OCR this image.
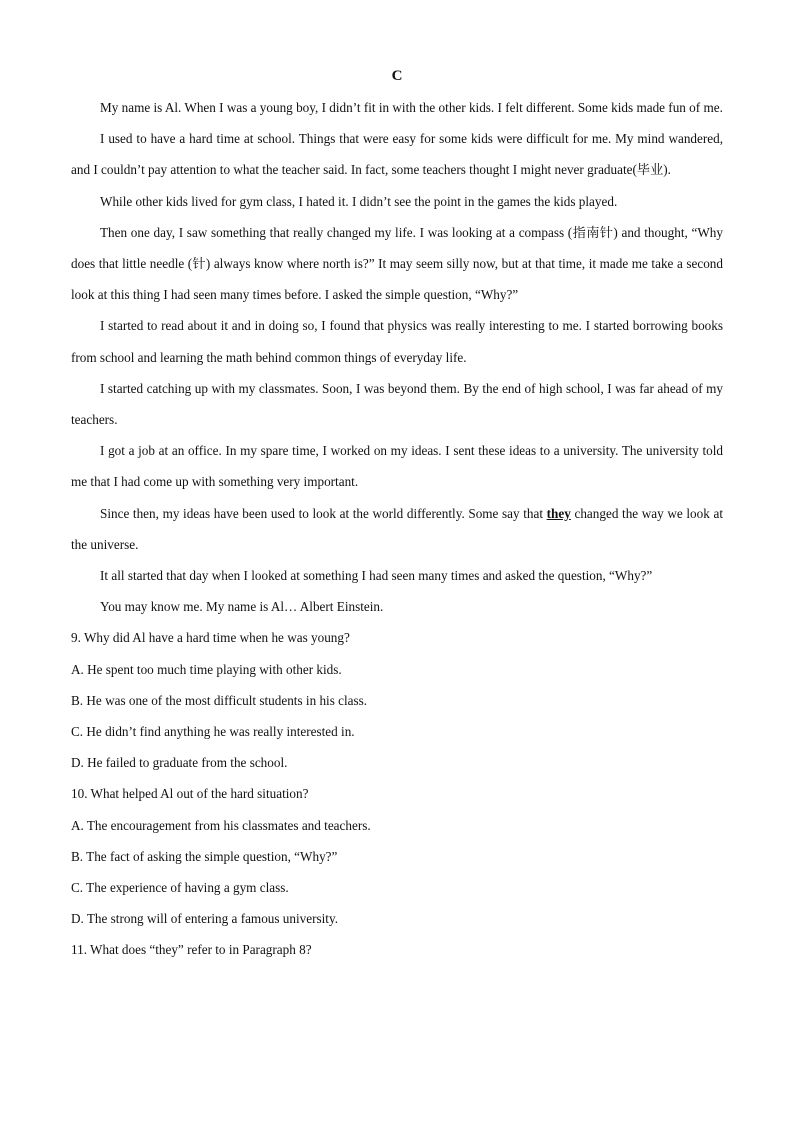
C

My name is Al. When I was a young boy, I didn’t fit in with the other kids. I felt different. Some kids made fun of me.

I used to have a hard time at school. Things that were easy for some kids were difficult for me. My mind wandered, and I couldn’t pay attention to what the teacher said. In fact, some teachers thought I might never graduate(毕业).

While other kids lived for gym class, I hated it. I didn’t see the point in the games the kids played.

Then one day, I saw something that really changed my life. I was looking at a compass (指南针) and thought, “Why does that little needle (针) always know where north is?” It may seem silly now, but at that time, it made me take a second look at this thing I had seen many times before. I asked the simple question, “Why?”

I started to read about it and in doing so, I found that physics was really interesting to me. I started borrowing books from school and learning the math behind common things of everyday life.

I started catching up with my classmates. Soon, I was beyond them. By the end of high school, I was far ahead of my teachers.

I got a job at an office. In my spare time, I worked on my ideas. I sent these ideas to a university. The university told me that I had come up with something very important.

Since then, my ideas have been used to look at the world differently. Some say that they changed the way we look at the universe.

It all started that day when I looked at something I had seen many times and asked the question, “Why?”

You may know me. My name is Al… Albert Einstein.

9. Why did Al have a hard time when he was young?

A. He spent too much time playing with other kids.

B. He was one of the most difficult students in his class.

C. He didn’t find anything he was really interested in.

D. He failed to graduate from the school.

10. What helped Al out of the hard situation?

A. The encouragement from his classmates and teachers.

B. The fact of asking the simple question, “Why?”

C. The experience of having a gym class.

D. The strong will of entering a famous university.

11. What does “they” refer to in Paragraph 8?
